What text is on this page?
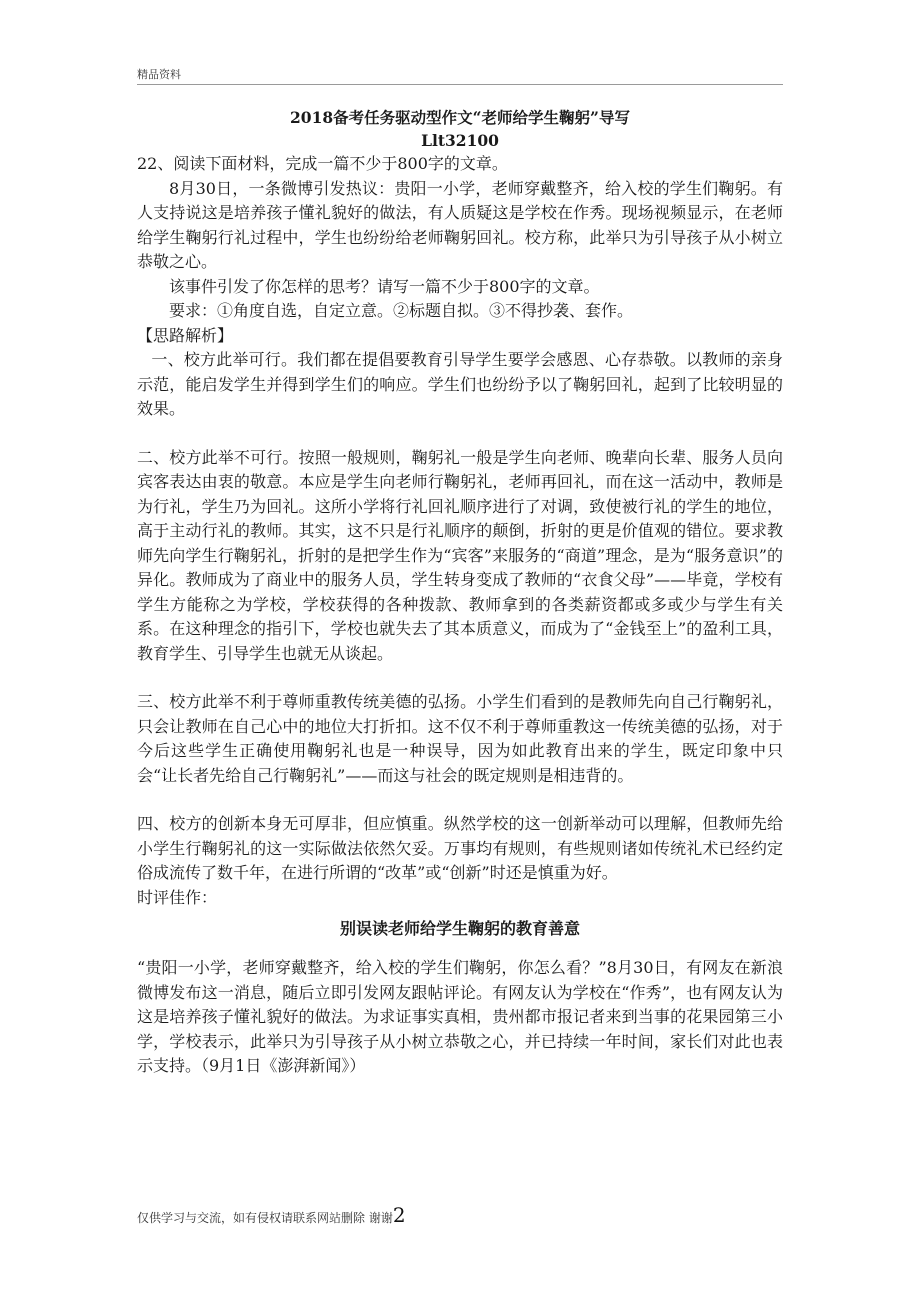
精品资料
2018备考任务驱动型作文“老师给学生鞠躬”导写
Llt32100

22、阅读下面材料，完成一篇不少于800字的文章。

8月30日，一条微博引发热议：贵阳一小学，老师穿戴整齐，给入校的学生们鞠躬。有人支持说这是培养孩子懂礼貌好的做法，有人质疑这是学校在作秀。现场视频显示，在老师给学生鞠躬行礼过程中，学生也纷纷给老师鞠躬回礼。校方称，此举只为引导孩子从小树立恭敬之心。

该事件引发了你怎样的思考？请写一篇不少于800字的文章。

要求：①角度自选，自定立意。②标题自拟。③不得抄袭、套作。

【思路解析】

一、校方此举可行。我们都在提倡要教育引导学生要学会感恩、心存恭敬。以教师的亲身示范，能启发学生并得到学生们的响应。学生们也纷纷予以了鞠躬回礼，起到了比较明显的效果。

二、校方此举不可行。按照一般规则，鞠躬礼一般是学生向老师、晚辈向长辈、服务人员向宾客表达由衷的敬意。本应是学生向老师行鞠躬礼，老师再回礼，而在这一活动中，教师是为行礼，学生乃为回礼。这所小学将行礼回礼顺序进行了对调，致使被行礼的学生的地位，高于主动行礼的教师。其实，这不只是行礼顺序的颠倒，折射的更是价值观的错位。要求教师先向学生行鞠躬礼，折射的是把学生作为“宾客”来服务的“商道”理念，是为“服务意识”的异化。教师成为了商业中的服务人员，学生转身变成了教师的“衣食父母”——毕竟，学校有学生方能称之为学校，学校获得的各种拨款、教师拿到的各类薪资都或多或少与学生有关系。在这种理念的指引下，学校也就失去了其本质意义，而成为了“金钱至上”的盈利工具，教育学生、引导学生也就无从谈起。

三、校方此举不利于尊师重教传统美德的弘扬。小学生们看到的是教师先向自己行鞠躬礼，只会让教师在自己心中的地位大打折扣。这不仅不利于尊师重教这一传统美德的弘扬，对于今后这些学生正确使用鞠躬礼也是一种误导，因为如此教育出来的学生，既定印象中只会“让长者先给自己行鞠躬礼”——而这与社会的既定规则是相违背的。

四、校方的创新本身无可厚非，但应慎重。纵然学校的这一创新举动可以理解，但教师先给小学生行鞠躬礼的这一实际做法依然欠妥。万事均有规则，有些规则诸如传统礼术已经约定俗成流传了数千年，在进行所谓的“改革”或“创新”时还是慎重为好。

时评佳作：

别误读老师给学生鞠躬的教育善意

“贵阳一小学，老师穿戴整齐，给入校的学生们鞠躬，你怎么看？”8月30日，有网友在新浪微博发布这一消息，随后立即引发网友跟帖评论。有网友认为学校在“作秀”，也有网友认为这是培养孩子懂礼貌好的做法。为求证事实真相，贵州都市报记者来到当事的花果园第三小学，学校表示，此举只为引导孩子从小树立恭敬之心，并已持续一年时间，家长们对此也表示支持。（9月1日《澎湃新闻》）

仅供学习与交流，如有侵权请联系网站删除 谢谢2
